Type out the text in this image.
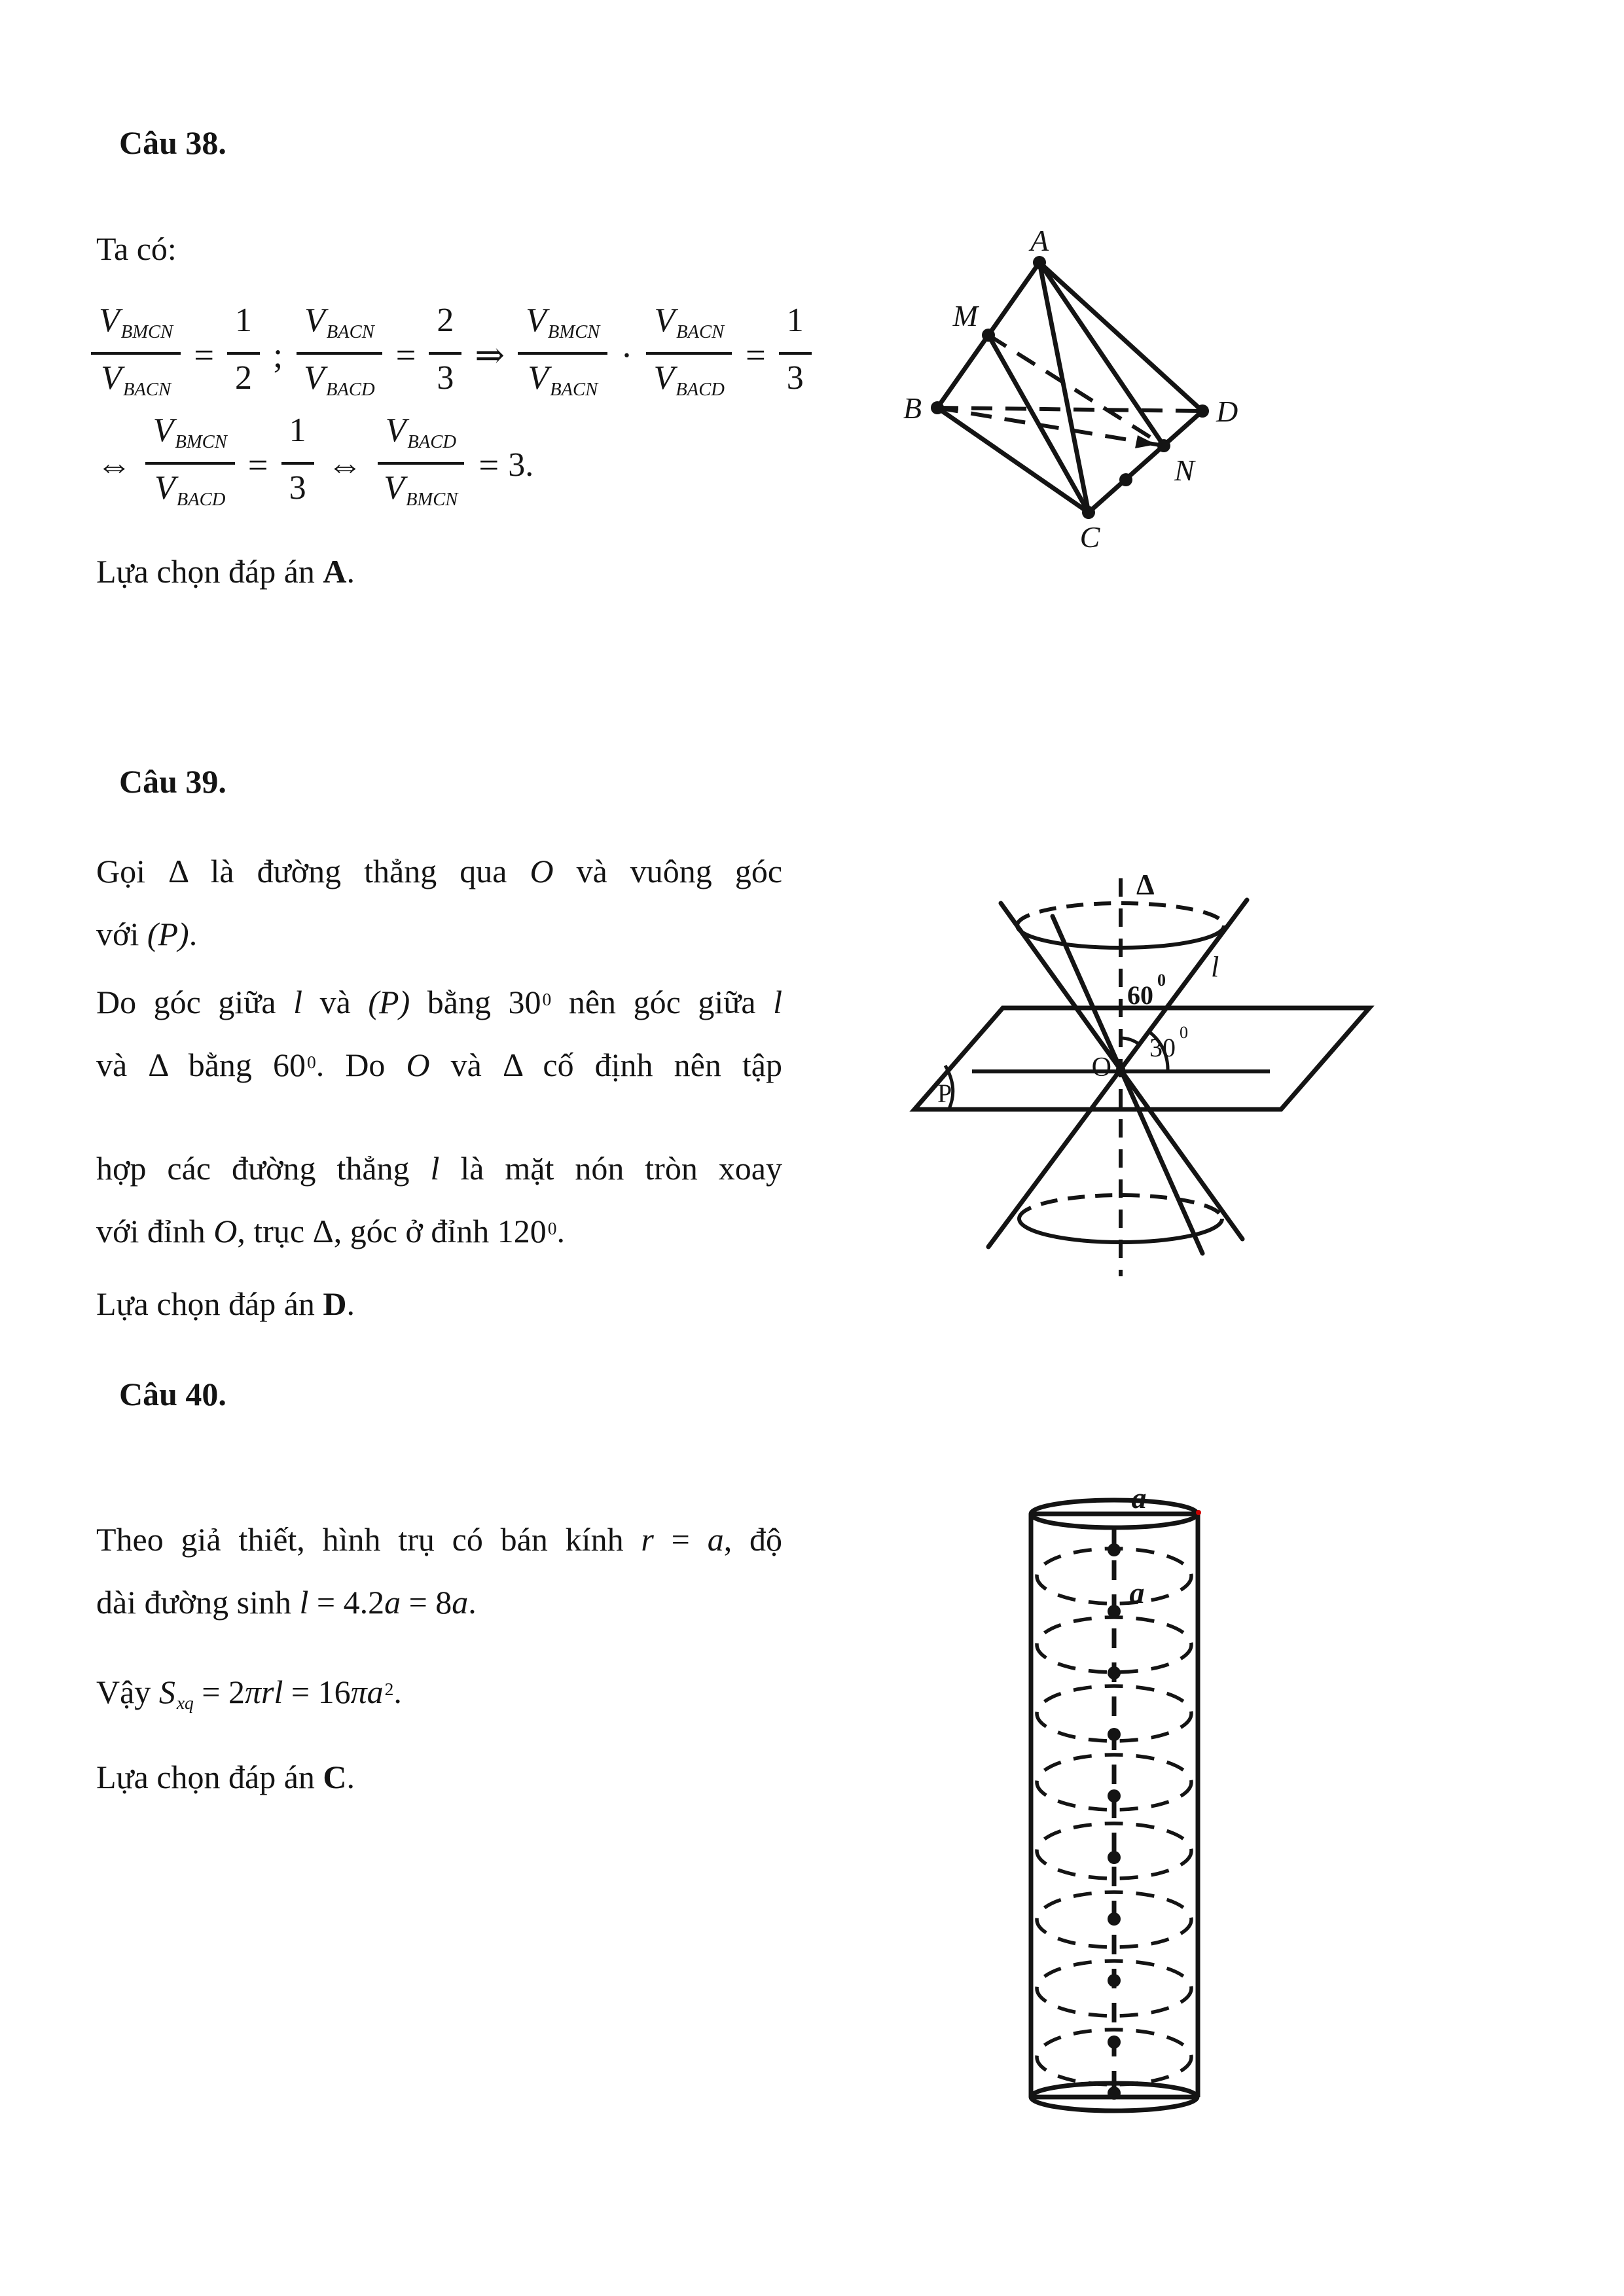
Câu 38.
Ta có:
$\frac{\text{VBMCN}}{\text{VBACN}} = \frac{1}{2}$ ; $\frac{\text{VBACN}}{\text{VBACD}} = \frac{2}{3}$ ⇒ $\frac{\text{VBMCN}}{\text{VBACN}} \cdot \frac{\text{VBACN}}{\text{VBACD}} = \frac{1}{3}$
⇔ $\frac{\text{VBMCN}}{\text{VBACD}} = \frac{1}{3}$ ⇔ $\frac{\text{VBACD}}{\text{VBMCN}} = 3$.
Lựa chọn đáp án A.
A
M
B	D
N
C
Câu 39.
Gọi Δ là đường thẳng qua O và vuông góc
với (P).
Do góc giữa l và (P) bằng $30^0$ nên góc giữa l
và Δ bằng $60^0$. Do O và Δ cố định nên tập
hợp các đường thẳng l là mặt nón tròn xoay
với đỉnh O, trục Δ, góc ở đỉnh $120^0$.
Lựa chọn đáp án D.
Δ
l
60
0
30
0
O
P
Câu 40.
Theo giả thiết, hình trụ có bán kính r = a, độ
dài đường sinh l = 4.2a = 8a.
Vậy Sxq = $2\pi rl = 16\pi a^2$.
Lựa chọn đáp án C.
a
a
